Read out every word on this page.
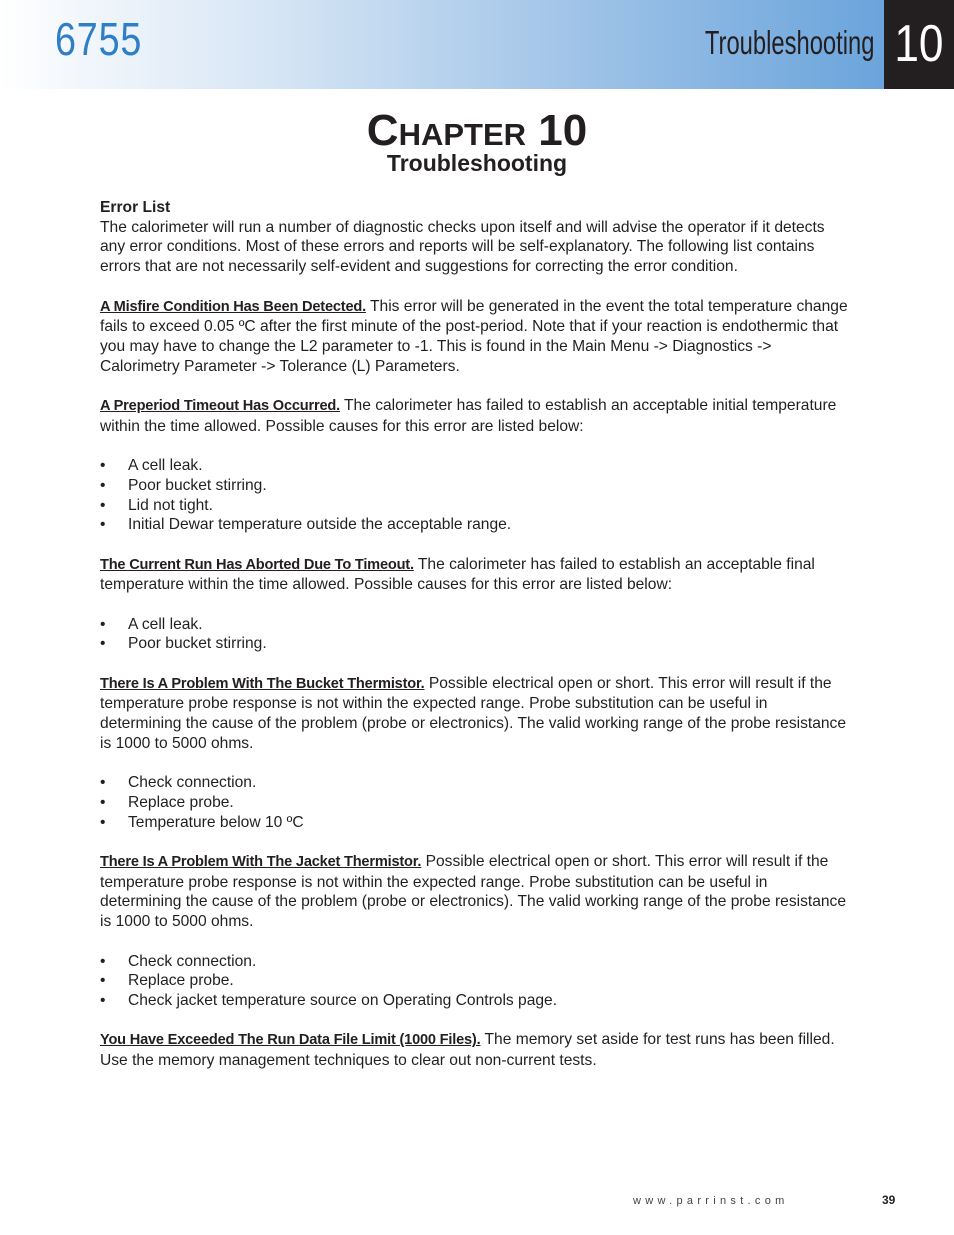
6755	Troubleshooting 10
Chapter 10
Troubleshooting

Error List
The calorimeter will run a number of diagnostic checks upon itself and will advise the operator if it detects any error conditions. Most of these errors and reports will be self-explanatory. The following list contains errors that are not necessarily self-evident and suggestions for correcting the error condition.

A Misfire Condition Has Been Detected. This error will be generated in the event the total temperature change fails to exceed 0.05 ºC after the first minute of the post-period. Note that if your reaction is endothermic that you may have to change the L2 parameter to -1. This is found in the Main Menu -> Diagnostics -> Calorimetry Parameter -> Tolerance (L) Parameters.

A Preperiod Timeout Has Occurred. The calorimeter has failed to establish an acceptable initial temperature within the time allowed. Possible causes for this error are listed below:

• A cell leak.
• Poor bucket stirring.
• Lid not tight.
• Initial Dewar temperature outside the acceptable range.

The Current Run Has Aborted Due To Timeout. The calorimeter has failed to establish an acceptable final temperature within the time allowed. Possible causes for this error are listed below:

• A cell leak.
• Poor bucket stirring.

There Is A Problem With The Bucket Thermistor. Possible electrical open or short. This error will result if the temperature probe response is not within the expected range. Probe substitution can be useful in determining the cause of the problem (probe or electronics). The valid working range of the probe resistance is 1000 to 5000 ohms.

• Check connection.
• Replace probe.
• Temperature below 10 ºC

There Is A Problem With The Jacket Thermistor. Possible electrical open or short. This error will result if the temperature probe response is not within the expected range. Probe substitution can be useful in determining the cause of the problem (probe or electronics). The valid working range of the probe resistance is 1000 to 5000 ohms.

• Check connection.
• Replace probe.
• Check jacket temperature source on Operating Controls page.

You Have Exceeded The Run Data File Limit (1000 Files). The memory set aside for test runs has been filled. Use the memory management techniques to clear out non-current tests.

www.parrinst.com	39
